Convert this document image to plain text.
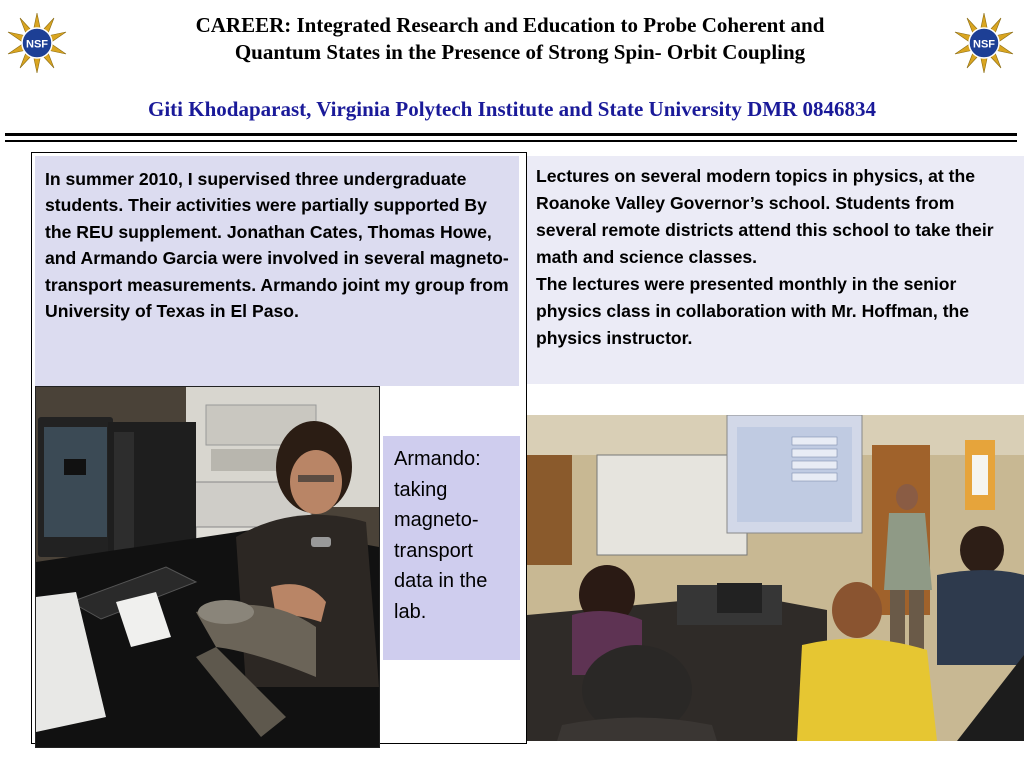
NSF	NSF
CAREER: Integrated Research and Education to Probe Coherent and
Quantum States in the Presence of Strong Spin- Orbit Coupling
Giti Khodaparast, Virginia Polytech Institute and State University DMR 0846834
In summer 2010, I supervised three undergraduate students. Their activities were partially supported By the REU supplement. Jonathan Cates, Thomas Howe, and Armando Garcia were involved in several magneto-transport measurements. Armando joint my group from University of Texas in El Paso.
Armando: taking magneto-transport data in the lab.

Lectures on several modern topics in physics, at the Roanoke Valley Governor’s school. Students from several remote districts attend this school to take their math and science classes.

The lectures were presented monthly in the senior physics class in collaboration with Mr. Hoffman, the physics instructor.
